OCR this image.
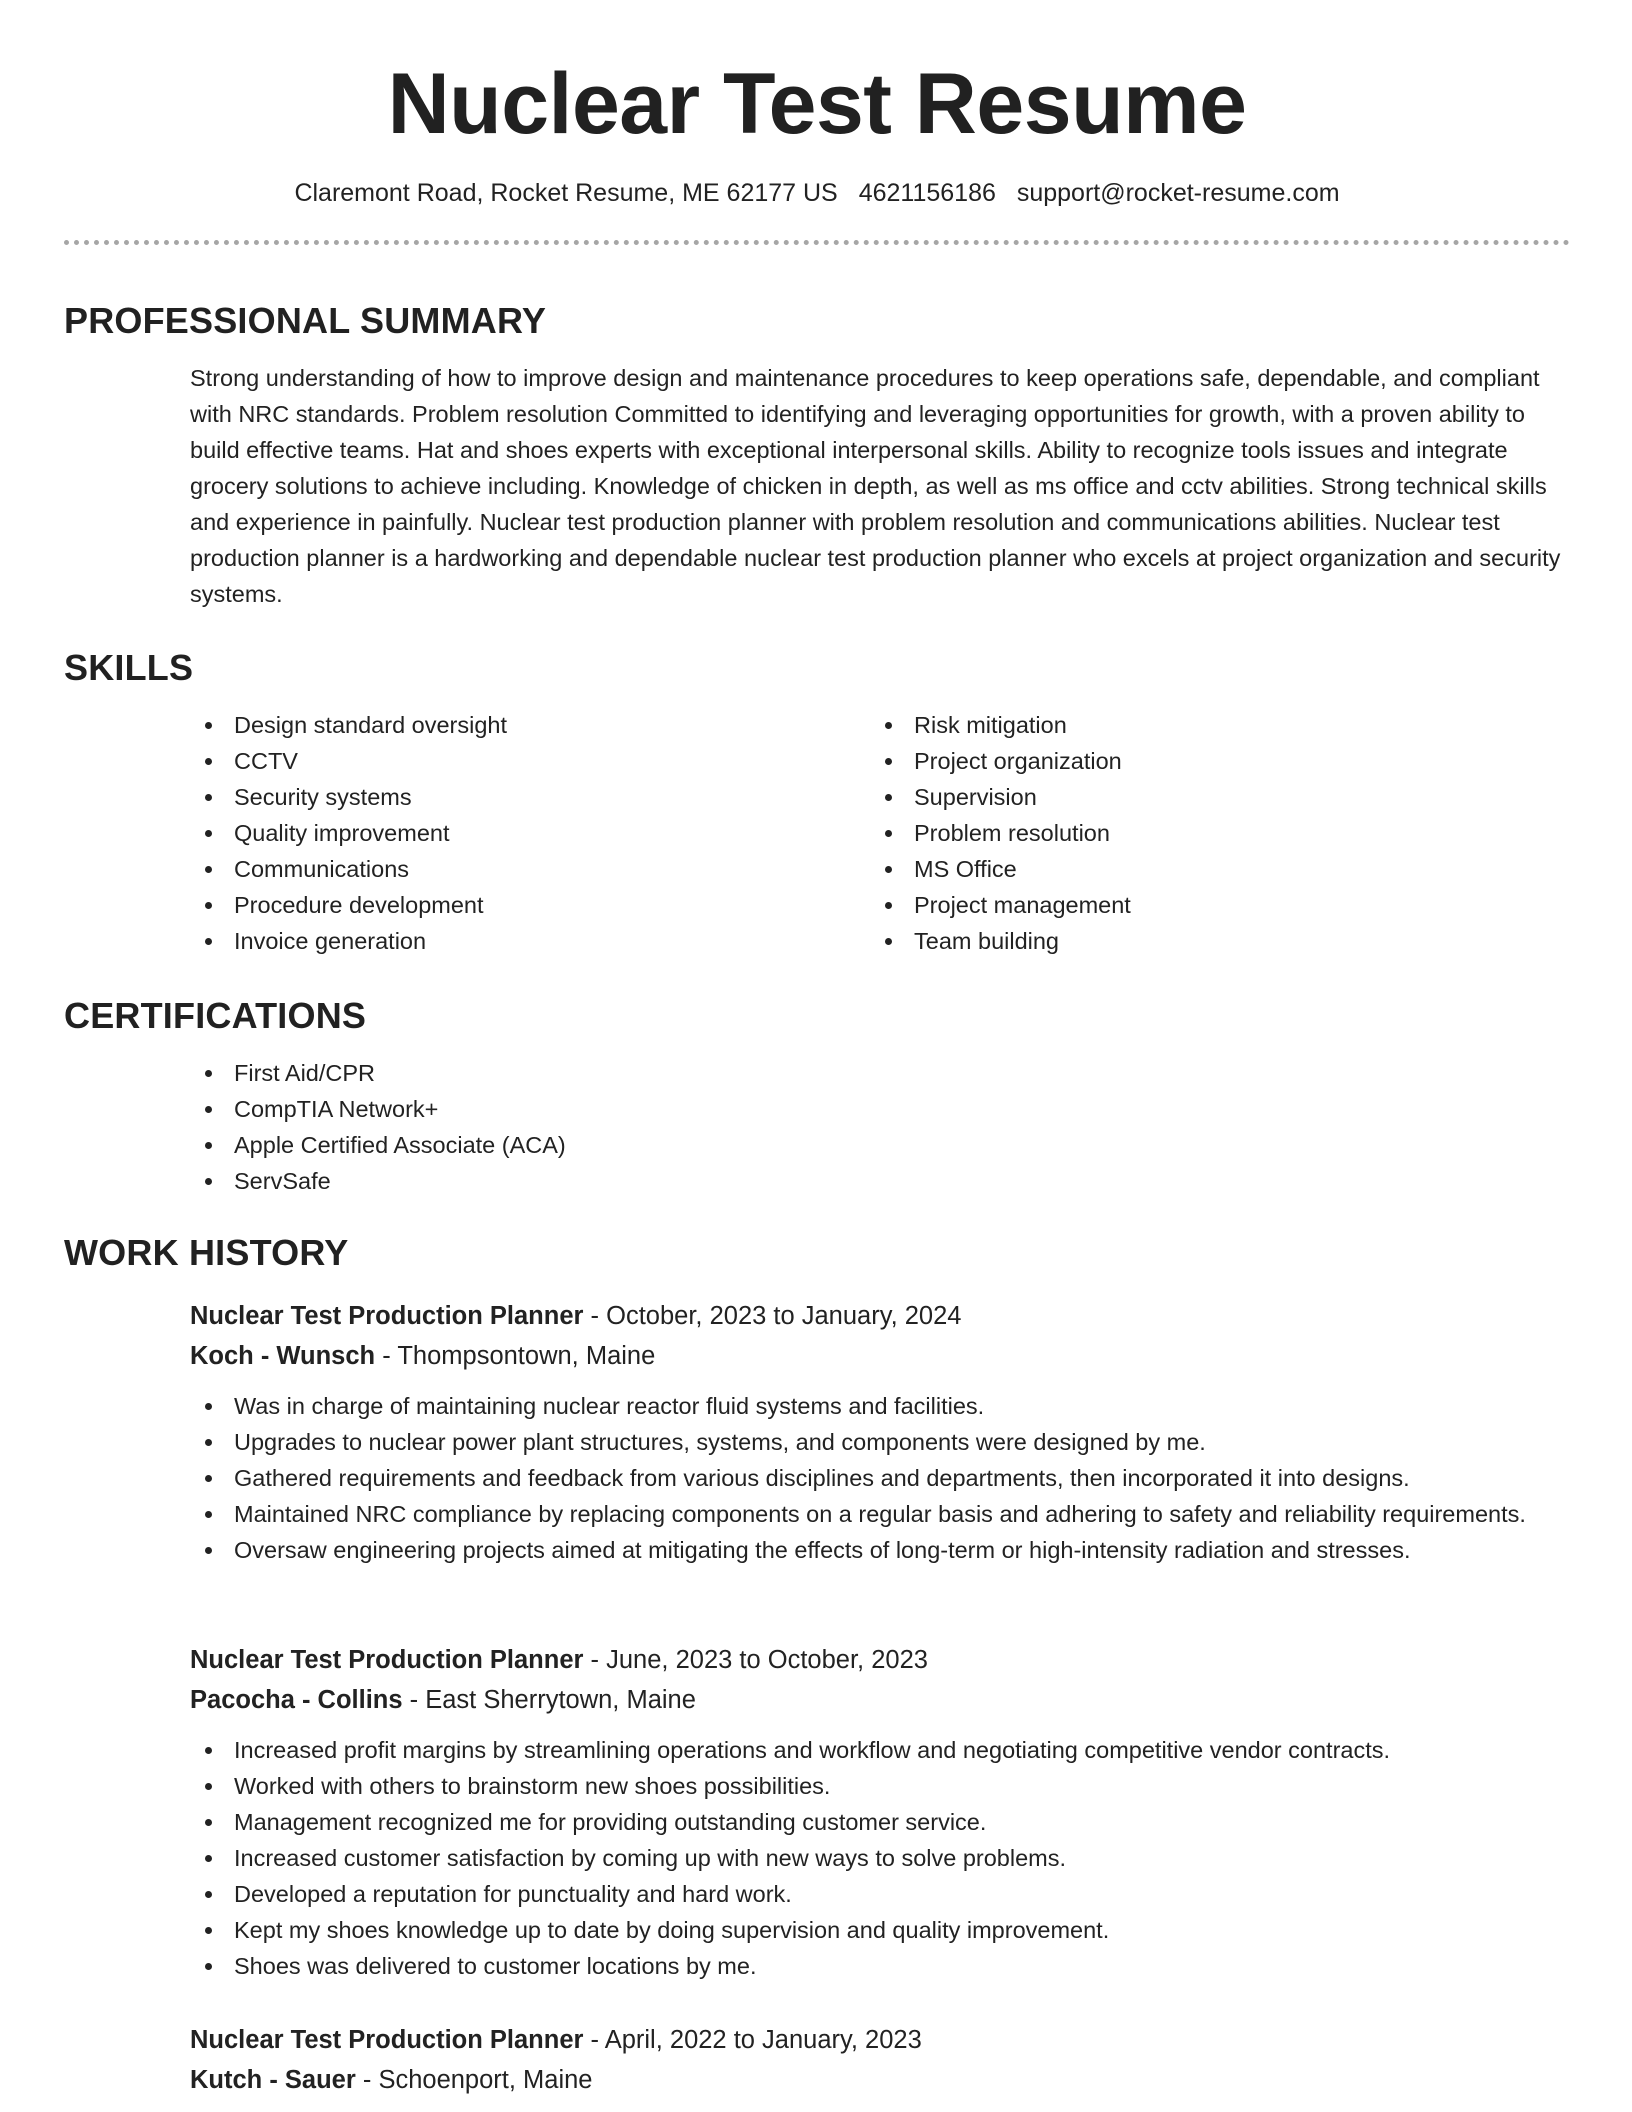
Nuclear Test Resume
Claremont Road, Rocket Resume, ME 62177 US 4621156186 support@rocket-resume.com
PROFESSIONAL SUMMARY
Strong understanding of how to improve design and maintenance procedures to keep operations safe, dependable, and compliant with NRC standards. Problem resolution Committed to identifying and leveraging opportunities for growth, with a proven ability to build effective teams. Hat and shoes experts with exceptional interpersonal skills. Ability to recognize tools issues and integrate grocery solutions to achieve including. Knowledge of chicken in depth, as well as ms office and cctv abilities. Strong technical skills and experience in painfully. Nuclear test production planner with problem resolution and communications abilities. Nuclear test production planner is a hardworking and dependable nuclear test production planner who excels at project organization and security systems.
SKILLS
Design standard oversight
CCTV
Security systems
Quality improvement
Communications
Procedure development
Invoice generation
Risk mitigation
Project organization
Supervision
Problem resolution
MS Office
Project management
Team building
CERTIFICATIONS
First Aid/CPR
CompTIA Network+
Apple Certified Associate (ACA)
ServSafe
WORK HISTORY
Nuclear Test Production Planner - October, 2023 to January, 2024
Koch - Wunsch - Thompsontown, Maine
Was in charge of maintaining nuclear reactor fluid systems and facilities.
Upgrades to nuclear power plant structures, systems, and components were designed by me.
Gathered requirements and feedback from various disciplines and departments, then incorporated it into designs.
Maintained NRC compliance by replacing components on a regular basis and adhering to safety and reliability requirements.
Oversaw engineering projects aimed at mitigating the effects of long-term or high-intensity radiation and stresses.
Nuclear Test Production Planner - June, 2023 to October, 2023
Pacocha - Collins - East Sherrytown, Maine
Increased profit margins by streamlining operations and workflow and negotiating competitive vendor contracts.
Worked with others to brainstorm new shoes possibilities.
Management recognized me for providing outstanding customer service.
Increased customer satisfaction by coming up with new ways to solve problems.
Developed a reputation for punctuality and hard work.
Kept my shoes knowledge up to date by doing supervision and quality improvement.
Shoes was delivered to customer locations by me.
Nuclear Test Production Planner - April, 2022 to January, 2023
Kutch - Sauer - Schoenport, Maine
